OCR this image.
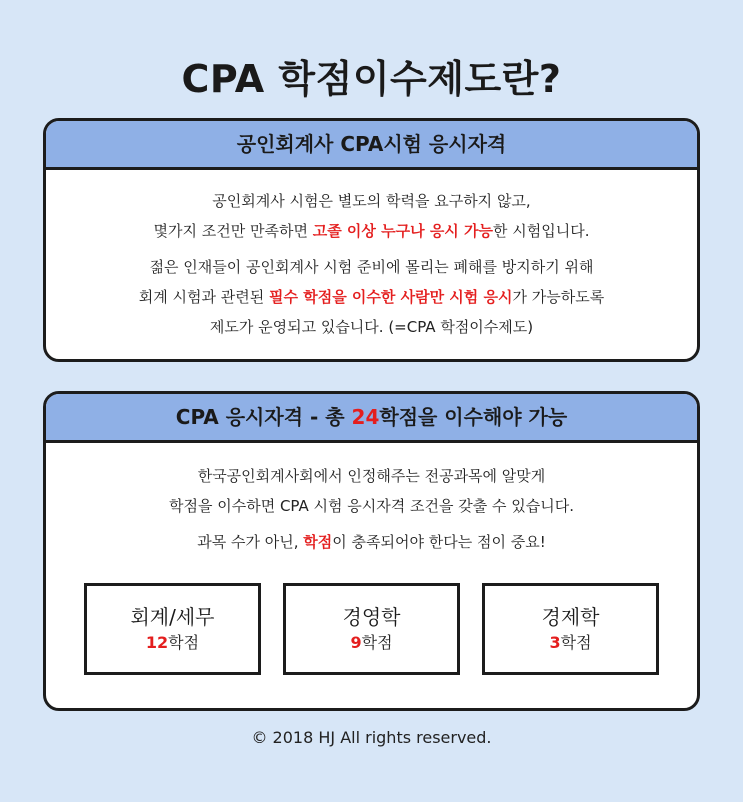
CPA 학점이수제도란?
공인회계사 CPA시험 응시자격
공인회계사 시험은 별도의 학력을 요구하지 않고,
몇가지 조건만 만족하면 고졸 이상 누구나 응시 가능한 시험입니다.
젊은 인재들이 공인회계사 시험 준비에 몰리는 폐해를 방지하기 위해
회계 시험과 관련된 필수 학점을 이수한 사람만 시험 응시가 가능하도록
제도가 운영되고 있습니다. (=CPA 학점이수제도)
CPA 응시자격 - 총 24학점을 이수해야 가능
한국공인회계사회에서 인정해주는 전공과목에 알맞게
학점을 이수하면 CPA 시험 응시자격 조건을 갖출 수 있습니다.
과목 수가 아닌, 학점이 충족되어야 한다는 점이 중요!
회계/세무
12학점
경영학
9학점
경제학
3학점
© 2018 HJ All rights reserved.
